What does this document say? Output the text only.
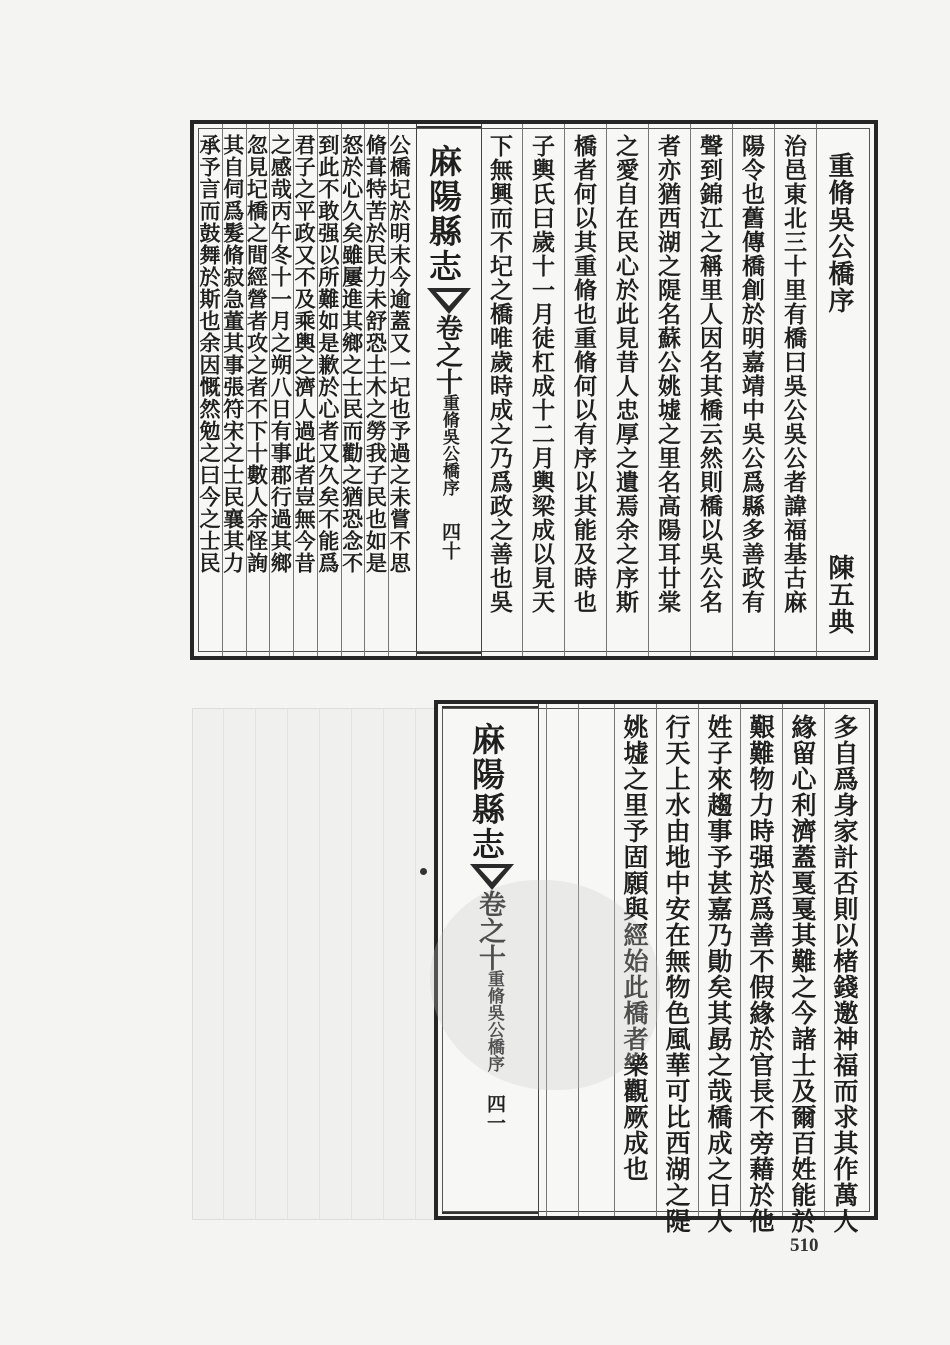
重脩吳公橋序
陳五典
治邑東北三十里有橋曰吳公吳公者諱福基古麻
陽令也舊傳橋創於明嘉靖中吳公爲縣多善政有
聲到錦江之稱里人因名其橋云然則橋以吳公名
者亦猶西湖之隄名蘇公姚墟之里名高陽耳廿棠
之愛自在民心於此見昔人忠厚之遺焉余之序斯
橋者何以其重脩也重脩何以有序以其能及時也
子輿氏曰歲十一月徒杠成十二月輿梁成以見天
下無興而不圮之橋唯歲時成之乃爲政之善也吳
麻陽縣志
卷之十
重脩吳公橋序
四十
公橋圮於明末今逾蓋又一圮也予過之未嘗不思
脩葺特苦於民力未舒恐土木之勞我子民也如是
怒於心久矣雖屢進其鄉之士民而勸之猶恐念不
到此不敢强以所難如是歉於心者又久矣不能爲
君子之平政又不及乘輿之濟人過此者豈無今昔
之感哉丙午冬十一月之朔八日有事郡行過其鄉
忽見圮橋之間經營者攻之者不下十數人余怪詢
其自伺爲髮脩寂急董其事張符宋之士民襄其力
承予言而鼓舞於斯也余因慨然勉之曰今之士民
多自爲身家計否則以楮錢邀神福而求其作萬人
緣留心利濟蓋戛戛其難之今諸士及爾百姓能於
艱難物力時强於爲善不假緣於官長不旁藉於他
姓子來趨事予甚嘉乃勛矣其勗之哉橋成之日人
行天上水由地中安在無物色風華可比西湖之隄
姚墟之里予固願與經始此橋者樂觀厥成也
麻陽縣志
卷之十
重脩吳公橋序
四一
510
